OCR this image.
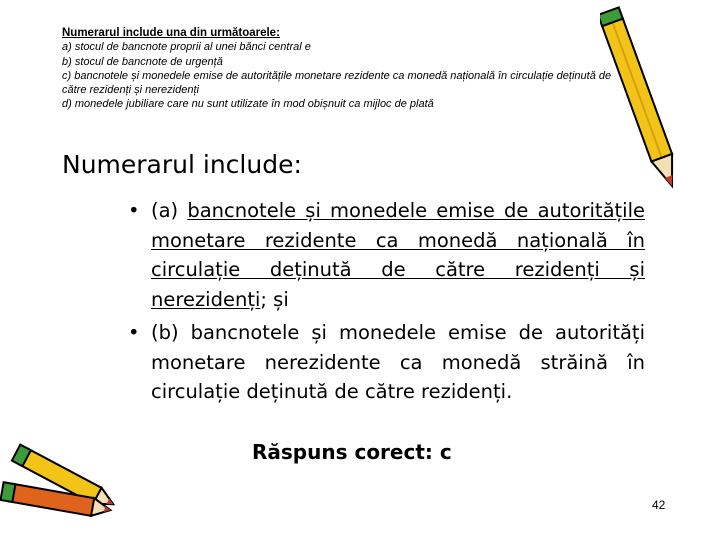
Numerarul include una din următoarele:
a) stocul de bancnote proprii al unei bănci central e
b) stocul de bancnote de urgență
c) bancnotele și monedele emise de autoritățile monetare rezidente ca monedă națională în circulație deținută de către rezidenți și nerezidenți
d) monedele jubiliare care nu sunt utilizate în mod obișnuit ca mijloc de plată
Numerarul include:
• (a) bancnotele și monedele emise de autoritățile monetare rezidente ca monedă națională în circulație deținută de către rezidenți și nerezidenți; și
• (b) bancnotele și monedele emise de autorități monetare nerezidente ca monedă străină în circulație deținută de către rezidenți.
Răspuns corect: c
42
